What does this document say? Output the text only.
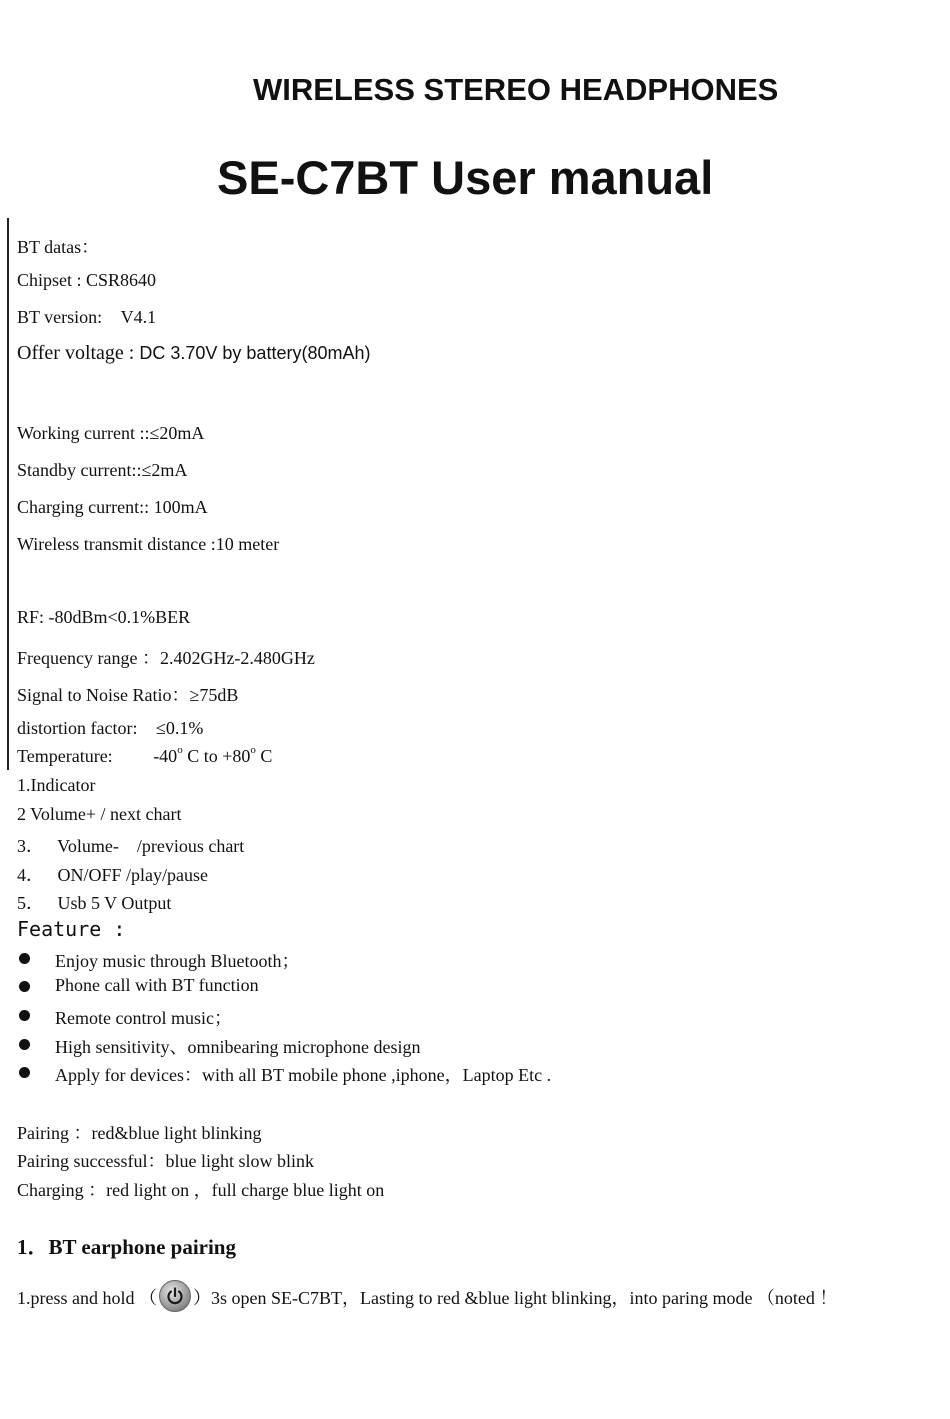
WIRELESS STEREO HEADPHONES
SE-C7BT User manual
BT datas：
Chipset : CSR8640
BT version: V4.1
Offer voltage : DC 3.70V by battery(80mAh)
Working current ::≤20mA
Standby current::≤2mA
Charging current:: 100mA
Wireless transmit distance :10 meter
RF: -80dBm<0.1%BER
Frequency range ：2.402GHz-2.480GHz
Signal to Noise Ratio：≥75dB
distortion factor: ≤0.1%
Temperature: -40$^o$ C to $+80^o$ C
1.Indicator
2 Volume+ / next chart
3．   Volume-    /previous chart
4．   ON/OFF /play/pause
5．   Usb 5 V Output
Feature :
Enjoy music through Bluetooth；
Phone call with BT function
Remote control music；
High sensitivity、omnibearing microphone design
Apply for devices：with all BT mobile phone ,iphone，Laptop Etc .
Pairing ：red&blue light blinking
Pairing successful：blue light slow blink
Charging ：red light on ，full charge blue light on
1．BT earphone pairing
1.press and hold （ ）3s open SE-C7BT，Lasting to red &blue light blinking，into paring mode （noted ！
